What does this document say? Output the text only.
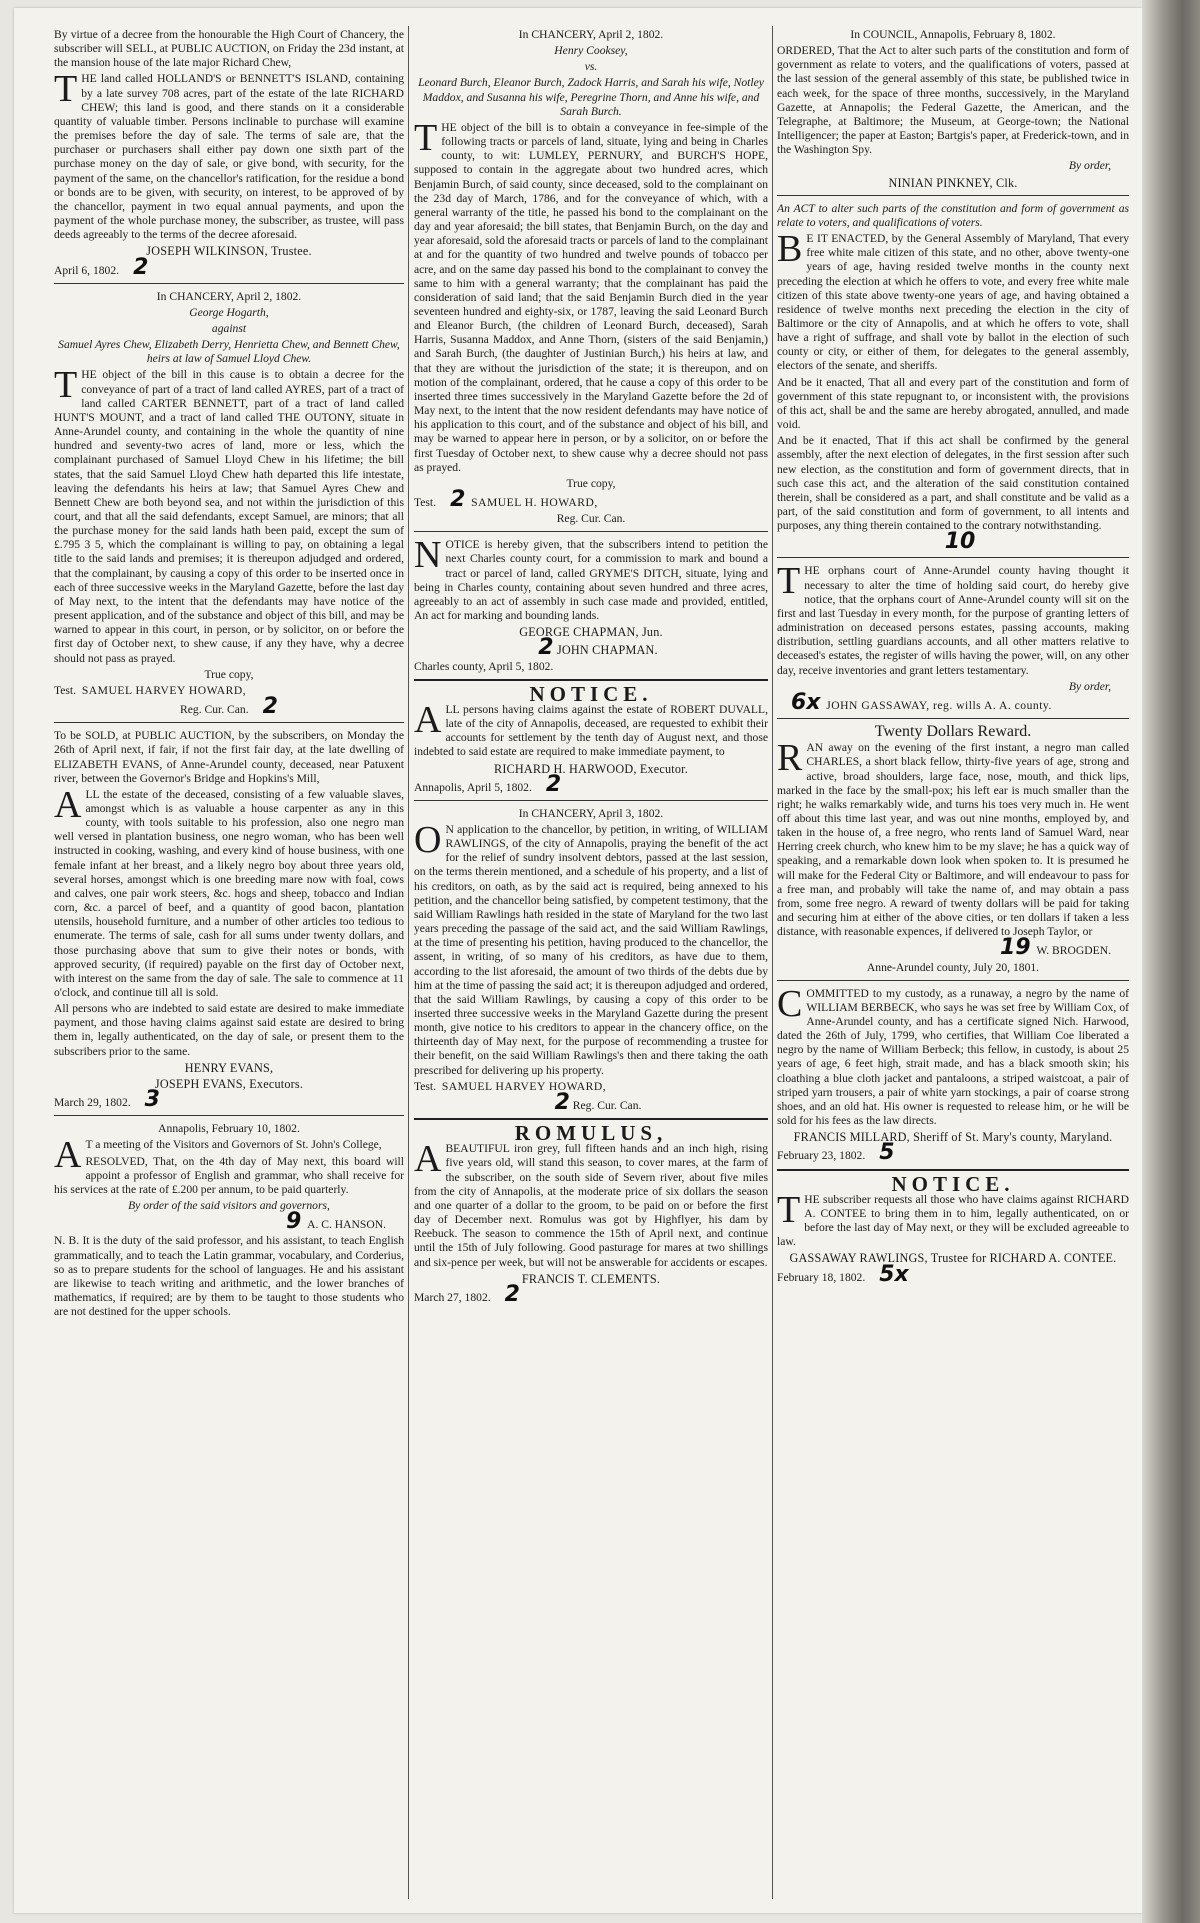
By virtue of a decree from the honourable the High Court of Chancery, the subscriber will SELL, at PUBLIC AUCTION, on Friday the 23d instant, at the mansion house of the late major Richard Chew,

THE land called HOLLAND'S or BENNETT'S ISLAND, containing by a late survey 708 acres, part of the estate of the late RICHARD CHEW; this land is good, and there stands on it a considerable quantity of valuable timber. Persons inclinable to purchase will examine the premises before the day of sale. The terms of sale are, that the purchaser or purchasers shall either pay down one sixth part of the purchase money on the day of sale, or give bond, with security, for the payment of the same, on the chancellor's ratification, for the residue a bond or bonds are to be given, with security, on interest, to be approved of by the chancellor, payment in two equal annual payments, and upon the payment of the whole purchase money, the subscriber, as trustee, will pass deeds agreeably to the terms of the decree aforesaid.

JOSEPH WILKINSON, Trustee.

April 6, 1802. 2

In CHANCERY, April 2, 1802.

George Hogarth,

against

Samuel Ayres Chew, Elizabeth Derry, Henrietta Chew, and Bennett Chew, heirs at law of Samuel Lloyd Chew.

THE object of the bill in this cause is to obtain a decree for the conveyance of part of a tract of land called AYRES, part of a tract of land called CARTER BENNETT, part of a tract of land called HUNT'S MOUNT, and a tract of land called THE OUTONY, situate in Anne-Arundel county, and containing in the whole the quantity of nine hundred and seventy-two acres of land, more or less, which the complainant purchased of Samuel Lloyd Chew in his lifetime; the bill states, that the said Samuel Lloyd Chew hath departed this life intestate, leaving the defendants his heirs at law; that Samuel Ayres Chew and Bennett Chew are both beyond sea, and not within the jurisdiction of this court, and that all the said defendants, except Samuel, are minors; that all the purchase money for the said lands hath been paid, except the sum of £.795 3 5, which the complainant is willing to pay, on obtaining a legal title to the said lands and premises; it is thereupon adjudged and ordered, that the complainant, by causing a copy of this order to be inserted once in each of three successive weeks in the Maryland Gazette, before the last day of May next, to the intent that the defendants may have notice of the present application, and of the substance and object of this bill, and may be warned to appear in this court, in person, or by solicitor, on or before the first day of October next, to shew cause, if any they have, why a decree should not pass as prayed.

True copy,

Test. SAMUEL HARVEY HOWARD,

Reg. Cur. Can. 2

To be SOLD, at PUBLIC AUCTION, by the subscribers, on Monday the 26th of April next, if fair, if not the first fair day, at the late dwelling of ELIZABETH EVANS, of Anne-Arundel county, deceased, near Patuxent river, between the Governor's Bridge and Hopkins's Mill,

ALL the estate of the deceased, consisting of a few valuable slaves, amongst which is as valuable a house carpenter as any in this county, with tools suitable to his profession, also one negro man well versed in plantation business, one negro woman, who has been well instructed in cooking, washing, and every kind of house business, with one female infant at her breast, and a likely negro boy about three years old, several horses, amongst which is one breeding mare now with foal, cows and calves, one pair work steers, &c. hogs and sheep, tobacco and Indian corn, &c. a parcel of beef, and a quantity of good bacon, plantation utensils, household furniture, and a number of other articles too tedious to enumerate. The terms of sale, cash for all sums under twenty dollars, and those purchasing above that sum to give their notes or bonds, with approved security, (if required) payable on the first day of October next, with interest on the same from the day of sale. The sale to commence at 11 o'clock, and continue till all is sold.

All persons who are indebted to said estate are desired to make immediate payment, and those having claims against said estate are desired to bring them in, legally authenticated, on the day of sale, or present them to the subscribers prior to the same.

HENRY EVANS,

JOSEPH EVANS, Executors.

March 29, 1802. 3

Annapolis, February 10, 1802.

A T a meeting of the Visitors and Governors of St. John's College,

RESOLVED, That, on the 4th day of May next, this board will appoint a professor of English and grammar, who shall receive for his services at the rate of £.200 per annum, to be paid quarterly.

By order of the said visitors and governors,

9 A. C. HANSON.

N. B. It is the duty of the said professor, and his assistant, to teach English grammatically, and to teach the Latin grammar, vocabulary, and Corderius, so as to prepare students for the school of languages. He and his assistant are likewise to teach writing and arithmetic, and the lower branches of mathematics, if required; are by them to be taught to those students who are not destined for the upper schools.

In CHANCERY, April 2, 1802.

Henry Cooksey,

vs.

Leonard Burch, Eleanor Burch, Zadock Harris, and Sarah his wife, Notley Maddox, and Susanna his wife, Peregrine Thorn, and Anne his wife, and Sarah Burch.

THE object of the bill is to obtain a conveyance in fee-simple of the following tracts or parcels of land, situate, lying and being in Charles county, to wit: LUMLEY, PERNURY, and BURCH'S HOPE, supposed to contain in the aggregate about two hundred acres, which Benjamin Burch, of said county, since deceased, sold to the complainant on the 23d day of March, 1786, and for the conveyance of which, with a general warranty of the title, he passed his bond to the complainant on the day and year aforesaid; the bill states, that Benjamin Burch, on the day and year aforesaid, sold the aforesaid tracts or parcels of land to the complainant at and for the quantity of two hundred and twelve pounds of tobacco per acre, and on the same day passed his bond to the complainant to convey the same to him with a general warranty; that the complainant has paid the consideration of said land; that the said Benjamin Burch died in the year seventeen hundred and eighty-six, or 1787, leaving the said Leonard Burch and Eleanor Burch, (the children of Leonard Burch, deceased), Sarah Harris, Susanna Maddox, and Anne Thorn, (sisters of the said Benjamin,) and Sarah Burch, (the daughter of Justinian Burch,) his heirs at law, and that they are without the jurisdiction of the state; it is thereupon, and on motion of the complainant, ordered, that he cause a copy of this order to be inserted three times successively in the Maryland Gazette before the 2d of May next, to the intent that the now resident defendants may have notice of his application to this court, and of the substance and object of his bill, and may be warned to appear here in person, or by a solicitor, on or before the first Tuesday of October next, to shew cause why a decree should not pass as prayed.

True copy,

Test. 2 SAMUEL H. HOWARD,

Reg. Cur. Can.

NOTICE is hereby given, that the subscribers intend to petition the next Charles county court, for a commission to mark and bound a tract or parcel of land, called GRYME'S DITCH, situate, lying and being in Charles county, containing about seven hundred and three acres, agreeably to an act of assembly in such case made and provided, entitled, An act for marking and bounding lands.

GEORGE CHAPMAN, Jun.

2 JOHN CHAPMAN.

Charles county, April 5, 1802.

NOTICE.

ALL persons having claims against the estate of ROBERT DUVALL, late of the city of Annapolis, deceased, are requested to exhibit their accounts for settlement by the tenth day of August next, and those indebted to said estate are required to make immediate payment, to

RICHARD H. HARWOOD, Executor.

Annapolis, April 5, 1802. 2

In CHANCERY, April 3, 1802.

O N application to the chancellor, by petition, in writing, of WILLIAM RAWLINGS, of the city of Annapolis, praying the benefit of the act for the relief of sundry insolvent debtors, passed at the last session, on the terms therein mentioned, and a schedule of his property, and a list of his creditors, on oath, as by the said act is required, being annexed to his petition, and the chancellor being satisfied, by competent testimony, that the said William Rawlings hath resided in the state of Maryland for the two last years preceding the passage of the said act, and the said William Rawlings, at the time of presenting his petition, having produced to the chancellor, the assent, in writing, of so many of his creditors, as have due to them, according to the list aforesaid, the amount of two thirds of the debts due by him at the time of passing the said act; it is thereupon adjudged and ordered, that the said William Rawlings, by causing a copy of this order to be inserted three successive weeks in the Maryland Gazette during the present month, give notice to his creditors to appear in the chancery office, on the thirteenth day of May next, for the purpose of recommending a trustee for their benefit, on the said William Rawlings's then and there taking the oath prescribed for delivering up his property.

Test. SAMUEL HARVEY HOWARD,

2 Reg. Cur. Can.

ROMULUS,

ABEAUTIFUL iron grey, full fifteen hands and an inch high, rising five years old, will stand this season, to cover mares, at the farm of the subscriber, on the south side of Severn river, about five miles from the city of Annapolis, at the moderate price of six dollars the season and one quarter of a dollar to the groom, to be paid on or before the first day of December next. Romulus was got by Highflyer, his dam by Reebuck. The season to commence the 15th of April next, and continue until the 15th of July following. Good pasturage for mares at two shillings and six-pence per week, but will not be answerable for accidents or escapes.

FRANCIS T. CLEMENTS.

March 27, 1802. 2

In COUNCIL, Annapolis, February 8, 1802.

ORDERED, That the Act to alter such parts of the constitution and form of government as relate to voters, and the qualifications of voters, passed at the last session of the general assembly of this state, be published twice in each week, for the space of three months, successively, in the Maryland Gazette, at Annapolis; the Federal Gazette, the American, and the Telegraphe, at Baltimore; the Museum, at George-town; the National Intelligencer; the paper at Easton; Bartgis's paper, at Frederick-town, and in the Washington Spy.

By order,

NINIAN PINKNEY, Clk.

An ACT to alter such parts of the constitution and form of government as relate to voters, and qualifications of voters.

B E IT ENACTED, by the General Assembly of Maryland, That every free white male citizen of this state, and no other, above twenty-one years of age, having resided twelve months in the county next preceding the election at which he offers to vote, and every free white male citizen of this state above twenty-one years of age, and having obtained a residence of twelve months next preceding the election in the city of Baltimore or the city of Annapolis, and at which he offers to vote, shall have a right of suffrage, and shall vote by ballot in the election of such county or city, or either of them, for delegates to the general assembly, electors of the senate, and sheriffs.

And be it enacted, That all and every part of the constitution and form of government of this state repugnant to, or inconsistent with, the provisions of this act, shall be and the same are hereby abrogated, annulled, and made void.

And be it enacted, That if this act shall be confirmed by the general assembly, after the next election of delegates, in the first session after such new election, as the constitution and form of government directs, that in such case this act, and the alteration of the said constitution contained therein, shall be considered as a part, and shall constitute and be valid as a part, of the said constitution and form of government, to all intents and purposes, any thing therein contained to the contrary notwithstanding.

10

THE orphans court of Anne-Arundel county having thought it necessary to alter the time of holding said court, do hereby give notice, that the orphans court of Anne-Arundel county will sit on the first and last Tuesday in every month, for the purpose of granting letters of administration on deceased persons estates, passing accounts, making distribution, settling guardians accounts, and all other matters relative to deceased's estates, the register of wills having the power, will, on any other day, receive inventories and grant letters testamentary.

By order,

6x JOHN GASSAWAY, reg. wills A. A. county.

Twenty Dollars Reward.

RAN away on the evening of the first instant, a negro man called CHARLES, a short black fellow, thirty-five years of age, strong and active, broad shoulders, large face, nose, mouth, and thick lips, marked in the face by the small-pox; his left ear is much smaller than the right; he walks remarkably wide, and turns his toes very much in. He went off about this time last year, and was out nine months, employed by, and taken in the house of, a free negro, who rents land of Samuel Ward, near Herring creek church, who knew him to be my slave; he has a quick way of speaking, and a remarkable down look when spoken to. It is presumed he will make for the Federal City or Baltimore, and will endeavour to pass for a free man, and probably will take the name of, and may obtain a pass from, some free negro. A reward of twenty dollars will be paid for taking and securing him at either of the above cities, or ten dollars if taken a less distance, with reasonable expences, if delivered to Joseph Taylor, or

19 W. BROGDEN.

Anne-Arundel county, July 20, 1801.

COMMITTED to my custody, as a runaway, a negro by the name of WILLIAM BERBECK, who says he was set free by William Cox, of Anne-Arundel county, and has a certificate signed Nich. Harwood, dated the 26th of July, 1799, who certifies, that William Coe liberated a negro by the name of William Berbeck; this fellow, in custody, is about 25 years of age, 6 feet high, strait made, and has a black smooth skin; his cloathing a blue cloth jacket and pantaloons, a striped waistcoat, a pair of striped yarn trousers, a pair of white yarn stockings, a pair of coarse strong shoes, and an old hat. His owner is requested to release him, or he will be sold for his fees as the law directs.

FRANCIS MILLARD, Sheriff of St. Mary's county, Maryland.

February 23, 1802. 5

NOTICE.

THE subscriber requests all those who have claims against RICHARD A. CONTEE to bring them in to him, legally authenticated, on or before the last day of May next, or they will be excluded agreeable to law.

GASSAWAY RAWLINGS, Trustee for RICHARD A. CONTEE.

February 18, 1802. 5x
